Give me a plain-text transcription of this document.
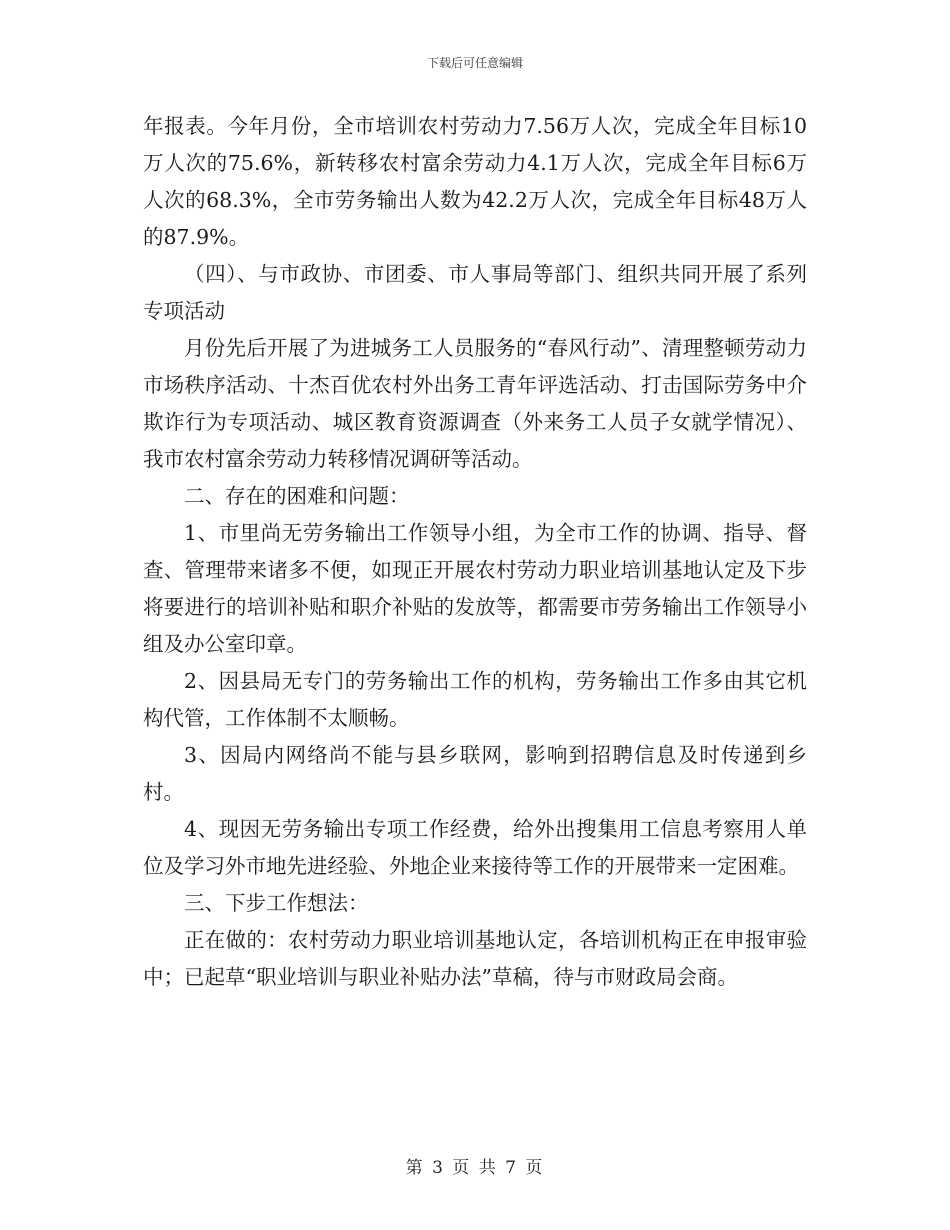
下载后可任意编辑

年报表。今年月份，全市培训农村劳动力7.56万人次，完成全年目标10万人次的75.6%，新转移农村富余劳动力4.1万人次，完成全年目标6万人次的68.3%，全市劳务输出人数为42.2万人次，完成全年目标48万人的87.9%。

（四）、与市政协、市团委、市人事局等部门、组织共同开展了系列专项活动

月份先后开展了为进城务工人员服务的“春风行动”、清理整顿劳动力市场秩序活动、十杰百优农村外出务工青年评选活动、打击国际劳务中介欺诈行为专项活动、城区教育资源调查（外来务工人员子女就学情况）、我市农村富余劳动力转移情况调研等活动。

二、存在的困难和问题：

1、市里尚无劳务输出工作领导小组，为全市工作的协调、指导、督查、管理带来诸多不便，如现正开展农村劳动力职业培训基地认定及下步将要进行的培训补贴和职介补贴的发放等，都需要市劳务输出工作领导小组及办公室印章。

2、因县局无专门的劳务输出工作的机构，劳务输出工作多由其它机构代管，工作体制不太顺畅。

3、因局内网络尚不能与县乡联网，影响到招聘信息及时传递到乡村。

4、现因无劳务输出专项工作经费，给外出搜集用工信息考察用人单位及学习外市地先进经验、外地企业来接待等工作的开展带来一定困难。

三、下步工作想法：

正在做的：农村劳动力职业培训基地认定，各培训机构正在申报审验中；已起草“职业培训与职业补贴办法”草稿，待与市财政局会商。

第 3 页 共 7 页
